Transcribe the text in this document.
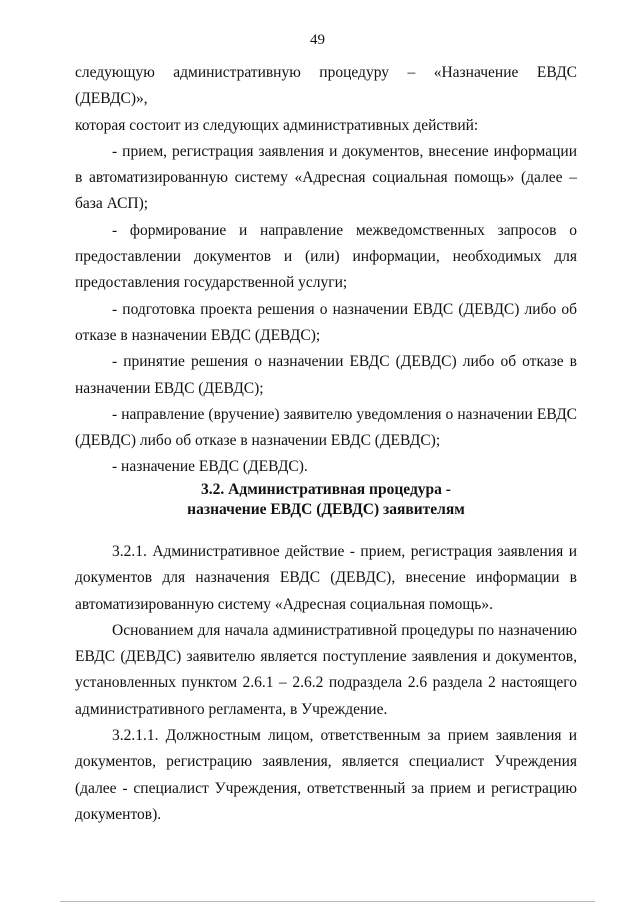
49

следующую административную процедуру – «Назначение ЕВДС (ДЕВДС)»,

которая состоит из следующих административных действий:

- прием, регистрация заявления и документов, внесение информации в автоматизированную систему «Адресная социальная помощь» (далее – база АСП);

- формирование и направление межведомственных запросов о предоставлении документов и (или) информации, необходимых для предоставления государственной услуги;

- подготовка проекта решения о назначении ЕВДС (ДЕВДС) либо об отказе в назначении ЕВДС (ДЕВДС);

- принятие решения о назначении ЕВДС (ДЕВДС) либо об отказе в назначении ЕВДС (ДЕВДС);

- направление (вручение) заявителю уведомления о назначении ЕВДС (ДЕВДС) либо об отказе в назначении ЕВДС (ДЕВДС);

- назначение ЕВДС (ДЕВДС).

3.2. Административная процедура -
назначение ЕВДС (ДЕВДС) заявителям

3.2.1. Административное действие - прием, регистрация заявления и документов для назначения ЕВДС (ДЕВДС), внесение информации в автоматизированную систему «Адресная социальная помощь».

Основанием для начала административной процедуры по назначению ЕВДС (ДЕВДС) заявителю является поступление заявления и документов, установленных пунктом 2.6.1 – 2.6.2 подраздела 2.6 раздела 2 настоящего административного регламента, в Учреждение.

3.2.1.1. Должностным лицом, ответственным за прием заявления и документов, регистрацию заявления, является специалист Учреждения (далее - специалист Учреждения, ответственный за прием и регистрацию документов).
